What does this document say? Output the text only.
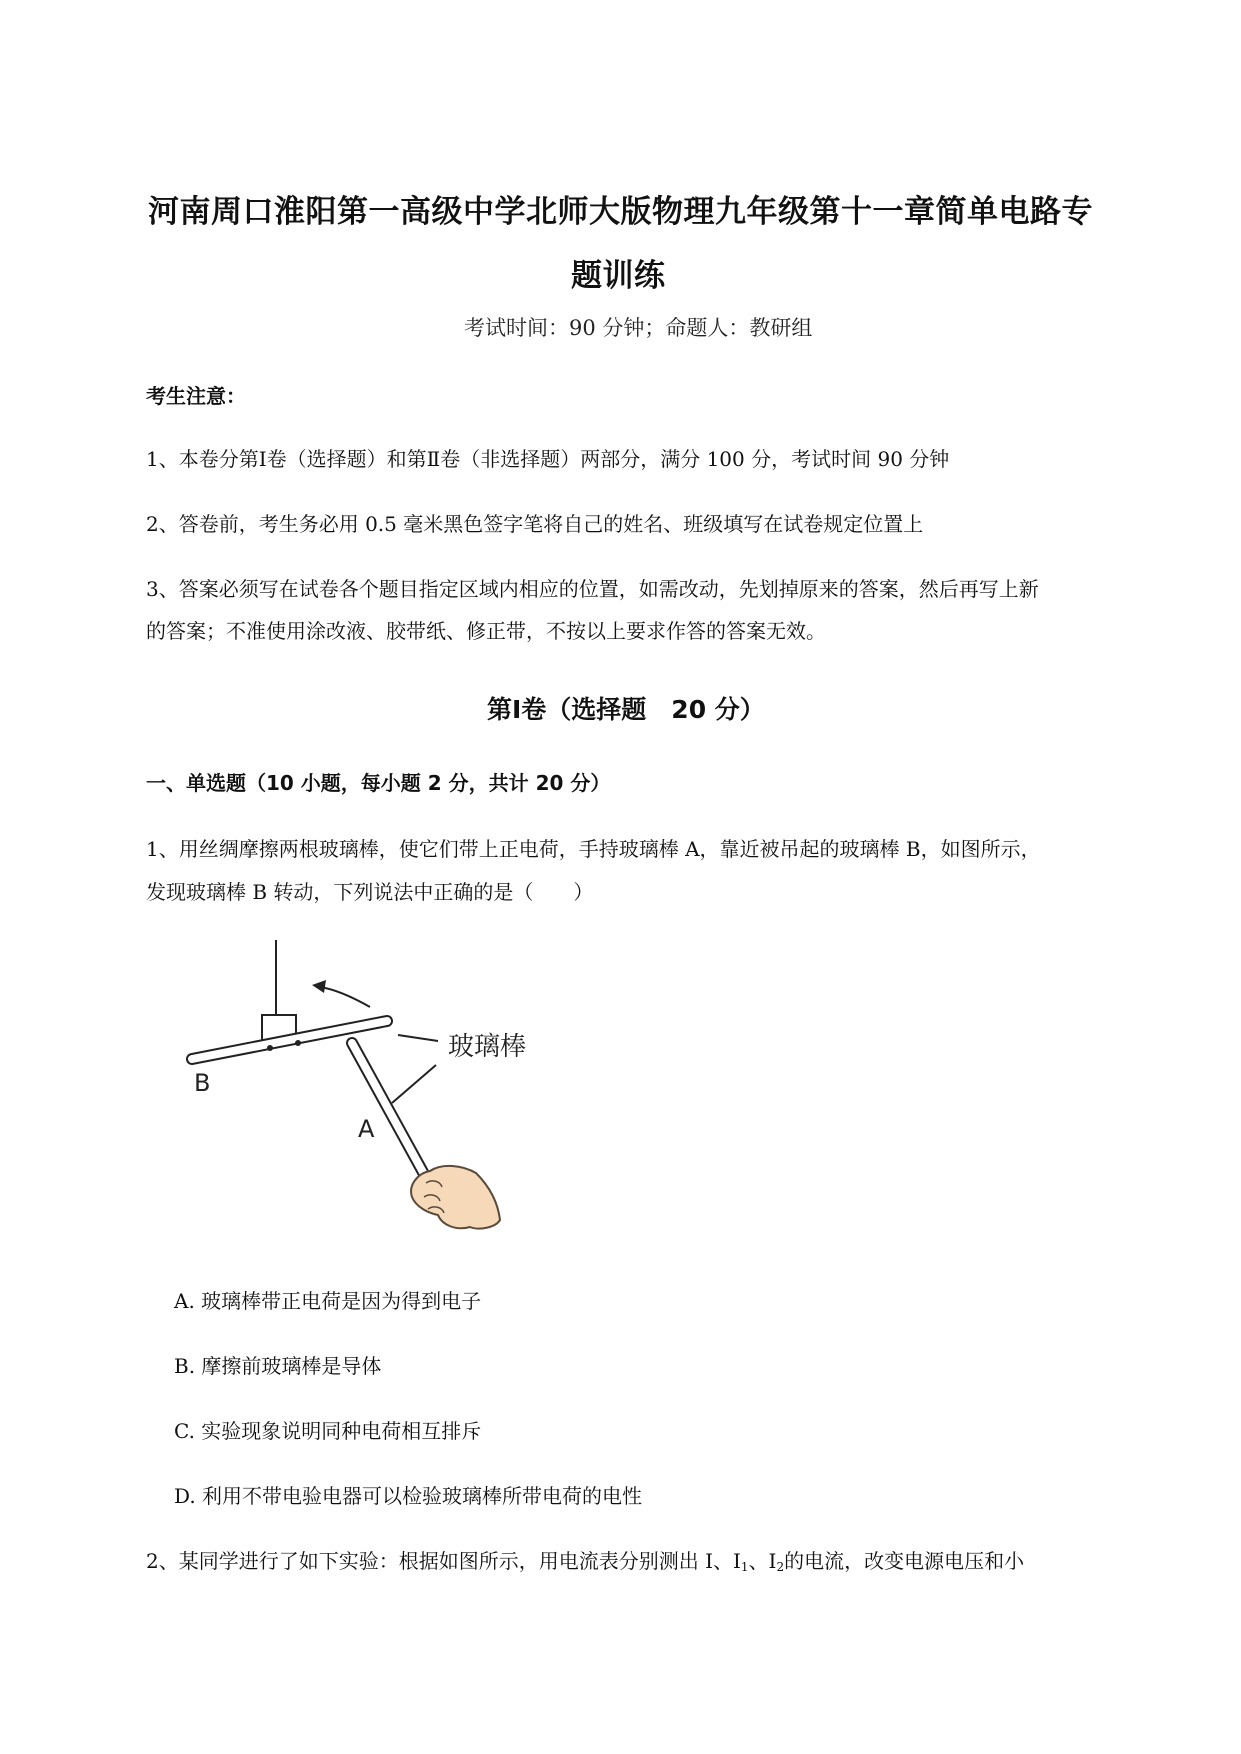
河南周口淮阳第一高级中学北师大版物理九年级第十一章简单电路专
题训练
考试时间：90 分钟；命题人：教研组
考生注意：
1、本卷分第Ⅰ卷（选择题）和第Ⅱ卷（非选择题）两部分，满分 100 分，考试时间 90 分钟
2、答卷前，考生务必用 0.5 毫米黑色签字笔将自己的姓名、班级填写在试卷规定位置上
3、答案必须写在试卷各个题目指定区域内相应的位置，如需改动，先划掉原来的答案，然后再写上新
的答案；不准使用涂改液、胶带纸、修正带，不按以上要求作答的答案无效。
第Ⅰ卷（选择题　20 分）
一、单选题（10 小题，每小题 2 分，共计 20 分）
1、用丝绸摩擦两根玻璃棒，使它们带上正电荷，手持玻璃棒 A，靠近被吊起的玻璃棒 B，如图所示，
发现玻璃棒 B 转动，下列说法中正确的是（　　）
玻璃棒
B
A
A. 玻璃棒带正电荷是因为得到电子
B. 摩擦前玻璃棒是导体
C. 实验现象说明同种电荷相互排斥
D. 利用不带电验电器可以检验玻璃棒所带电荷的电性
2、某同学进行了如下实验：根据如图所示，用电流表分别测出 I、$I_1$、$I_2$的电流，改变电源电压和小
